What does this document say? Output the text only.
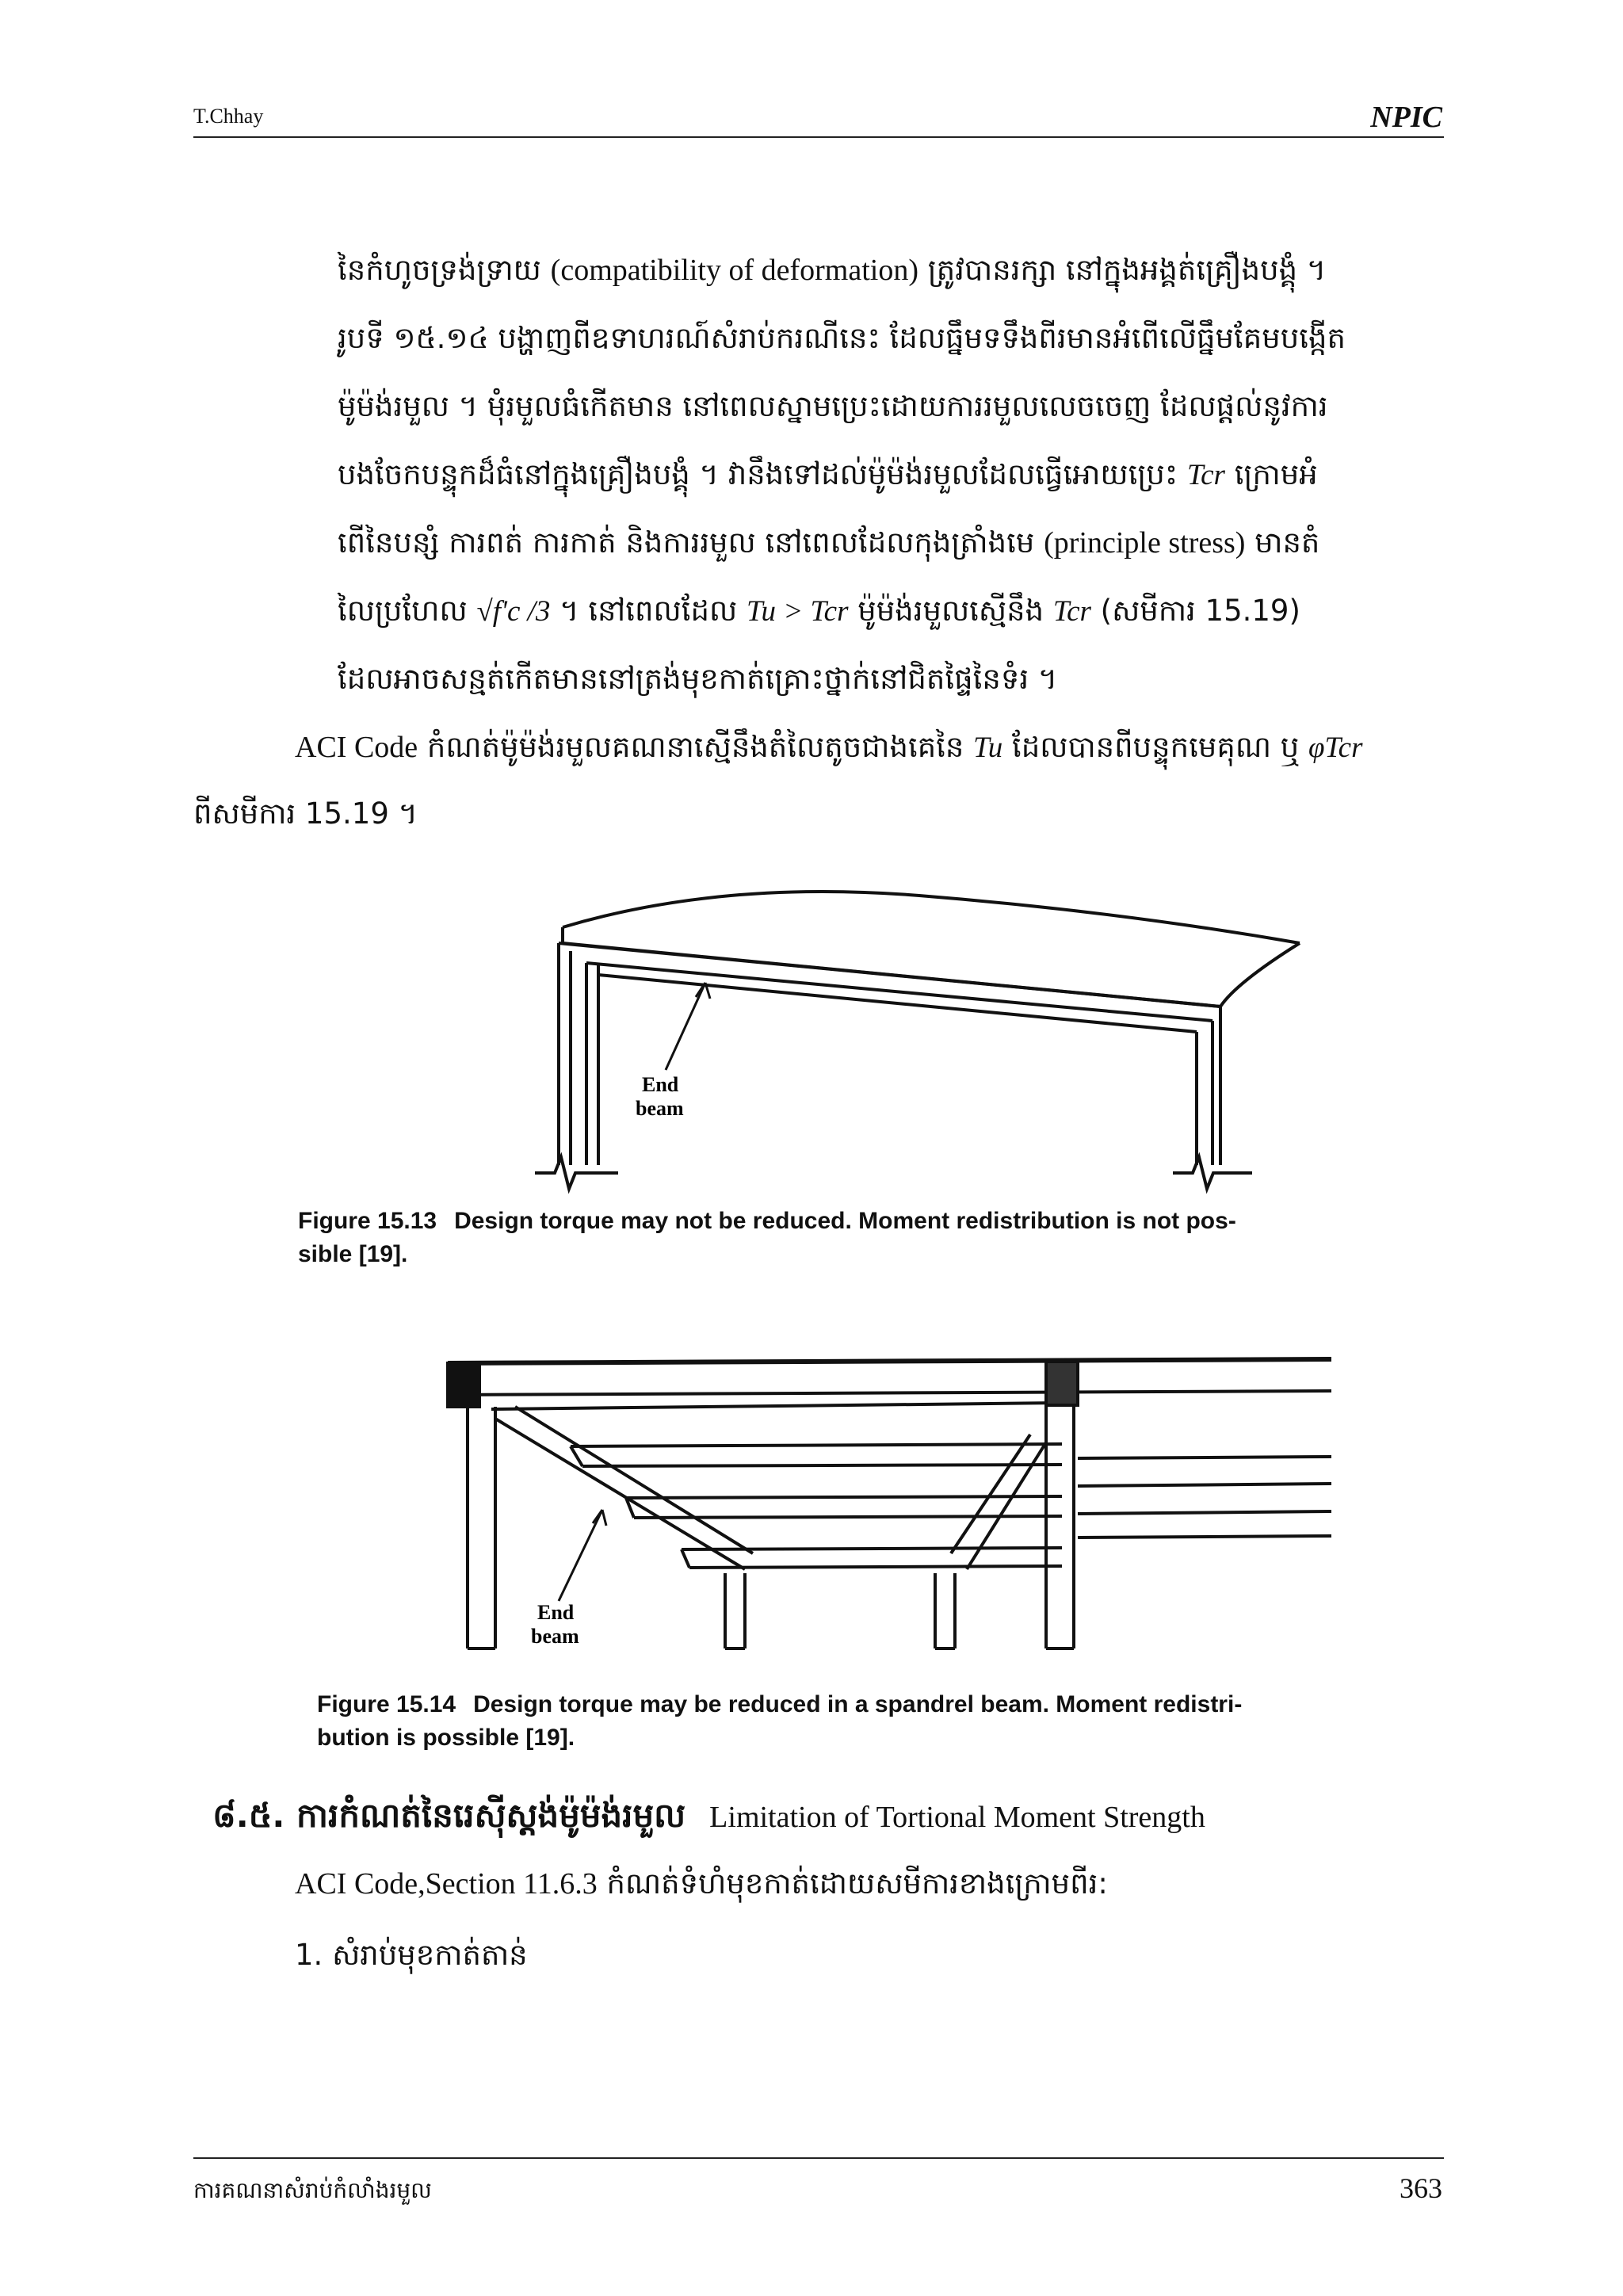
T.Chhay	NPIC
នៃកំហូចទ្រង់ទ្រាយ (compatibility of deformation) ត្រូវបានរក្សា នៅក្នុងអង្គត់គ្រឿងបង្គុំ ។
រូបទី ១៥.១៤ បង្ហាញពីឧទាហរណ៍សំរាប់ករណីនេះ ដែលធ្នឹមទទឹងពីរមានអំពើលើធ្នឹមគែមបង្កើត
ម៉ូម៉ង់រមួល ។ មុំរមួលធំកើតមាន នៅពេលស្នាមប្រេះដោយការរមួលលេចចេញ ដែលផ្តល់នូវការ
បងចែកបន្ទុកដ៏ធំនៅក្នុងគ្រឿងបង្គុំ ។ វានឹងទៅដល់ម៉ូម៉ង់រមួលដែលធ្វើអោយប្រេះ Tcr ក្រោមអំ
ពើនៃបន្សំ ការពត់ ការកាត់ និងការរមួល នៅពេលដែលកុងត្រាំងមេ (principle stress) មានតំ
លៃប្រហែល √f'c /3 ។ នៅពេលដែល Tu > Tcr ម៉ូម៉ង់រមួលស្មើនឹង Tcr (សមីការ 15.19)
ដែលអាចសន្មត់កើតមាននៅត្រង់មុខកាត់គ្រោះថ្នាក់នៅជិតផ្ទៃនៃទំរ ។
ACI Code កំណត់ម៉ូម៉ង់រមួលគណនាស្មើនឹងតំលៃតូចជាងគេនៃ Tu ដែលបានពីបន្ទុកមេគុណ ឬ φTcr
ពីសមីការ 15.19 ។
End
beam
Figure 15.13 Design torque may not be reduced. Moment redistribution is not pos-
sible [19].
End
beam
Figure 15.14 Design torque may be reduced in a spandrel beam. Moment redistri-
bution is possible [19].
៨.៥. ការកំណត់នៃរេស៊ីស្តង់ម៉ូម៉ង់រមួល Limitation of Tortional Moment Strength
ACI Code,Section 11.6.3 កំណត់ទំហំមុខកាត់ដោយសមីការខាងក្រោមពីរ:
1. សំរាប់មុខកាត់តាន់
ការគណនាសំរាប់កំលាំងរមួល	363
